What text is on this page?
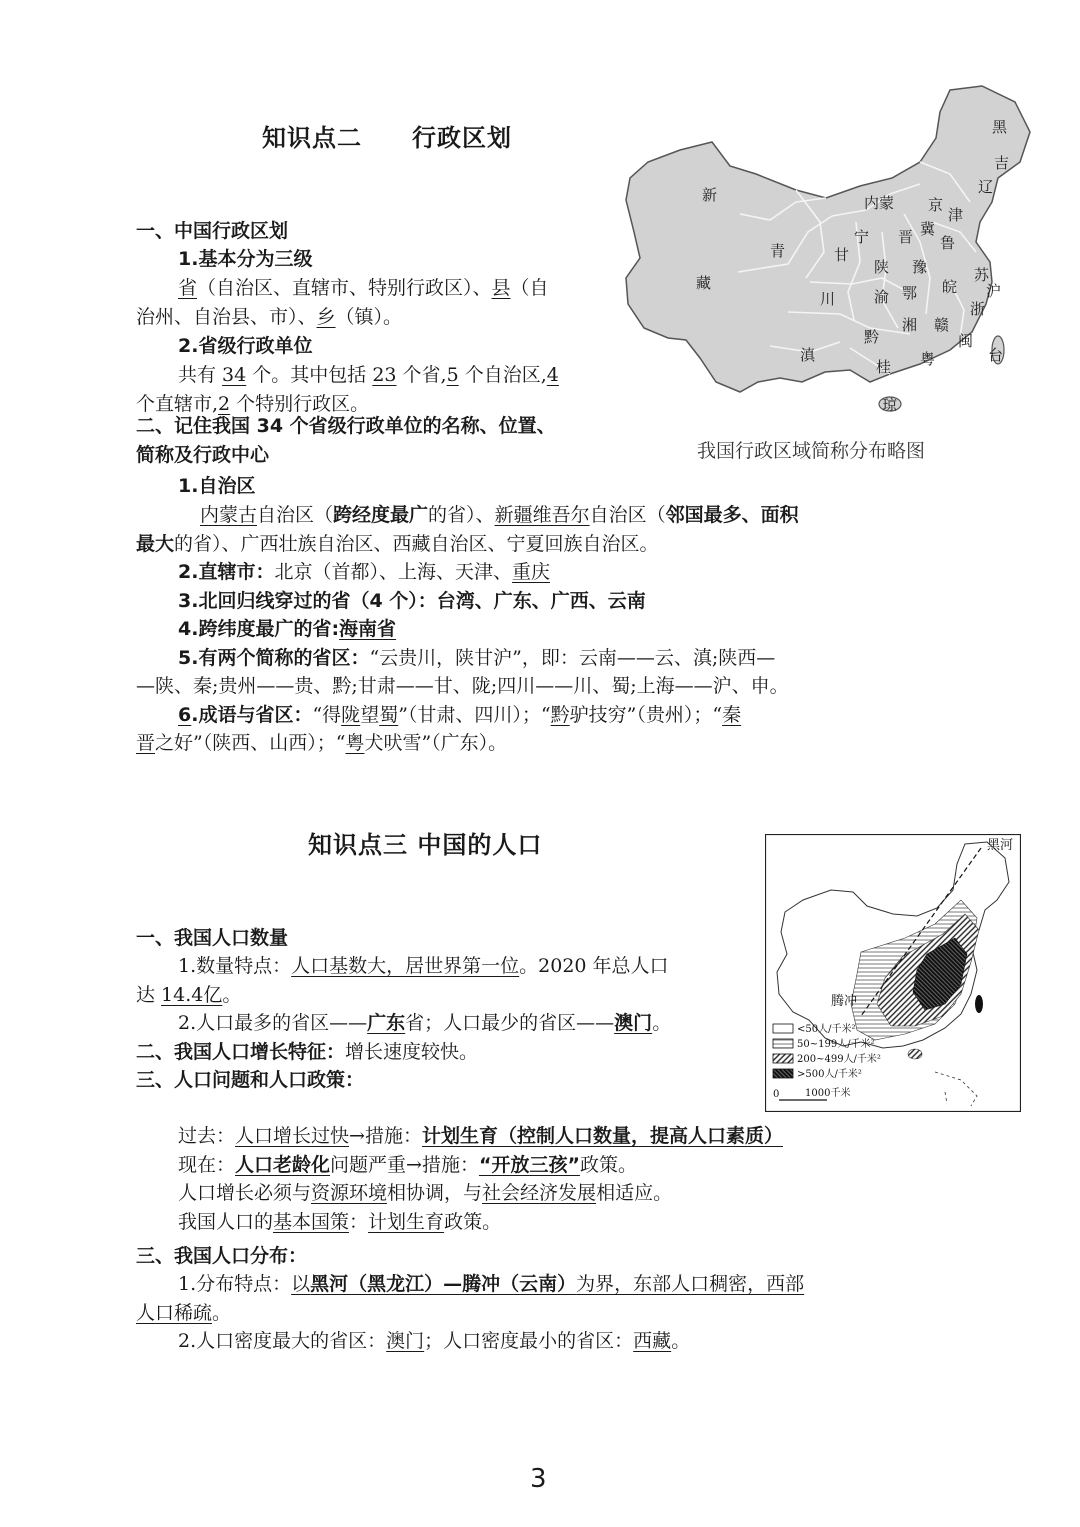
知识点二　　行政区划
一、中国行政区划
1.基本分为三级
省（自治区、直辖市、特别行政区）、县（自
治州、自治县、市）、乡（镇）。
2.省级行政单位
共有 34 个。其中包括 23 个省,5 个自治区,4
个直辖市,2 个特别行政区。
二、记住我国 34 个省级行政单位的名称、位置、
简称及行政中心
1.自治区
内蒙古自治区（跨经度最广的省）、新疆维吾尔自治区（邻国最多、面积
最大的省）、广西壮族自治区、西藏自治区、宁夏回族自治区。
2.直辖市：北京（首都）、上海、天津、重庆
3.北回归线穿过的省（4 个）：台湾、广东、广西、云南
4.跨纬度最广的省:海南省
5.有两个简称的省区：“云贵川，陕甘沪”，即：云南——云、滇;陕西—
—陕、秦;贵州——贵、黔;甘肃——甘、陇;四川——川、蜀;上海——沪、申。
6.成语与省区：“得陇望蜀”（甘肃、四川）；“黔驴技穷”（贵州）；“秦
晋之好”（陕西、山西）；“粤犬吠雪”（广东）。
黑
吉
辽
新	内蒙 京
津
冀
鲁
宁 晋
青	甘
陕 豫	苏
藏
川	渝 鄂 皖 沪
浙
湘 赣
闽
黔
滇
桂 粤	台
琼
我国行政区域简称分布略图
知识点三 中国的人口
一、我国人口数量
1.数量特点：人口基数大，居世界第一位。2020 年总人口
达 14.4亿。
2.人口最多的省区——广东省；人口最少的省区——澳门。
二、我国人口增长特征：增长速度较快。
三、人口问题和人口政策：
过去：人口增长过快→措施：计划生育（控制人口数量，提高人口素质）
现在：人口老龄化问题严重→措施：“开放三孩”政策。
人口增长必须与资源环境相协调，与社会经济发展相适应。
我国人口的基本国策：计划生育政策。
三、我国人口分布：
1.分布特点：以黑河（黑龙江）—腾冲（云南）为界，东部人口稠密，西部
人口稀疏。
2.人口密度最大的省区：澳门；人口密度最小的省区：西藏。
黑河
腾冲
<50人/千米²
50~199人/千米²
200~499人/千米²
>500人/千米²
0	1000千米
3
